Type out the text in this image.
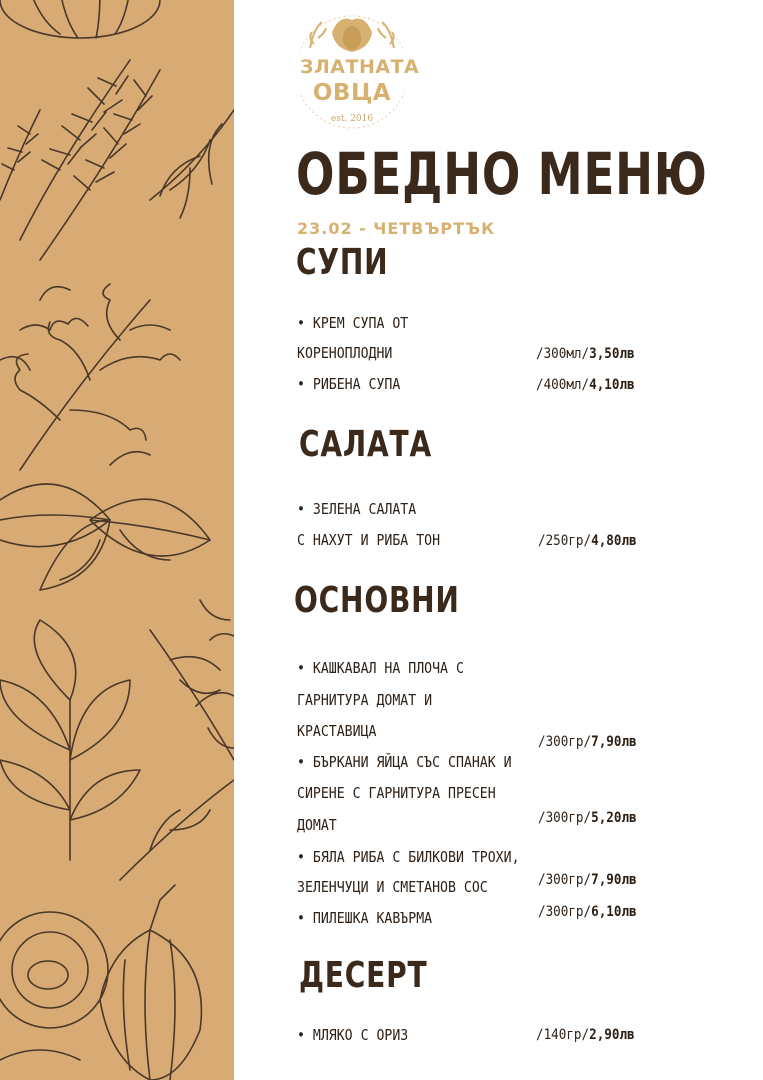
ЗЛАТНАТА
ОВЦА
est. 2016
ОБЕДНО МЕНЮ
23.02 - ЧЕТВЪРТЪК
СУПИ
• КРЕМ СУПА ОТ
КОРЕНОПЛОДНИ	/300мл/3,50лв
• РИБЕНА СУПА	/400мл/4,10лв
САЛАТА
• ЗЕЛЕНА САЛАТА
С НАХУТ И РИБА ТОН	/250гр/4,80лв
ОСНОВНИ
• КАШКАВАЛ НА ПЛОЧА С
ГАРНИТУРА ДОМАТ И
КРАСТАВИЦА
/300гр/7,90лв
• БЪРКАНИ ЯЙЦА СЪС СПАНАК И
СИРЕНЕ С ГАРНИТУРА ПРЕСЕН
ДОМАТ	/300гр/5,20лв
• БЯЛА РИБА С БИЛКОВИ ТРОХИ,
ЗЕЛЕНЧУЦИ И СМЕТАНОВ СОС	/300гр/7,90лв
• ПИЛЕШКА КАВЪРМА	/300гр/6,10лв
ДЕСЕРТ
• МЛЯКО С ОРИЗ	/140гр/2,90лв
